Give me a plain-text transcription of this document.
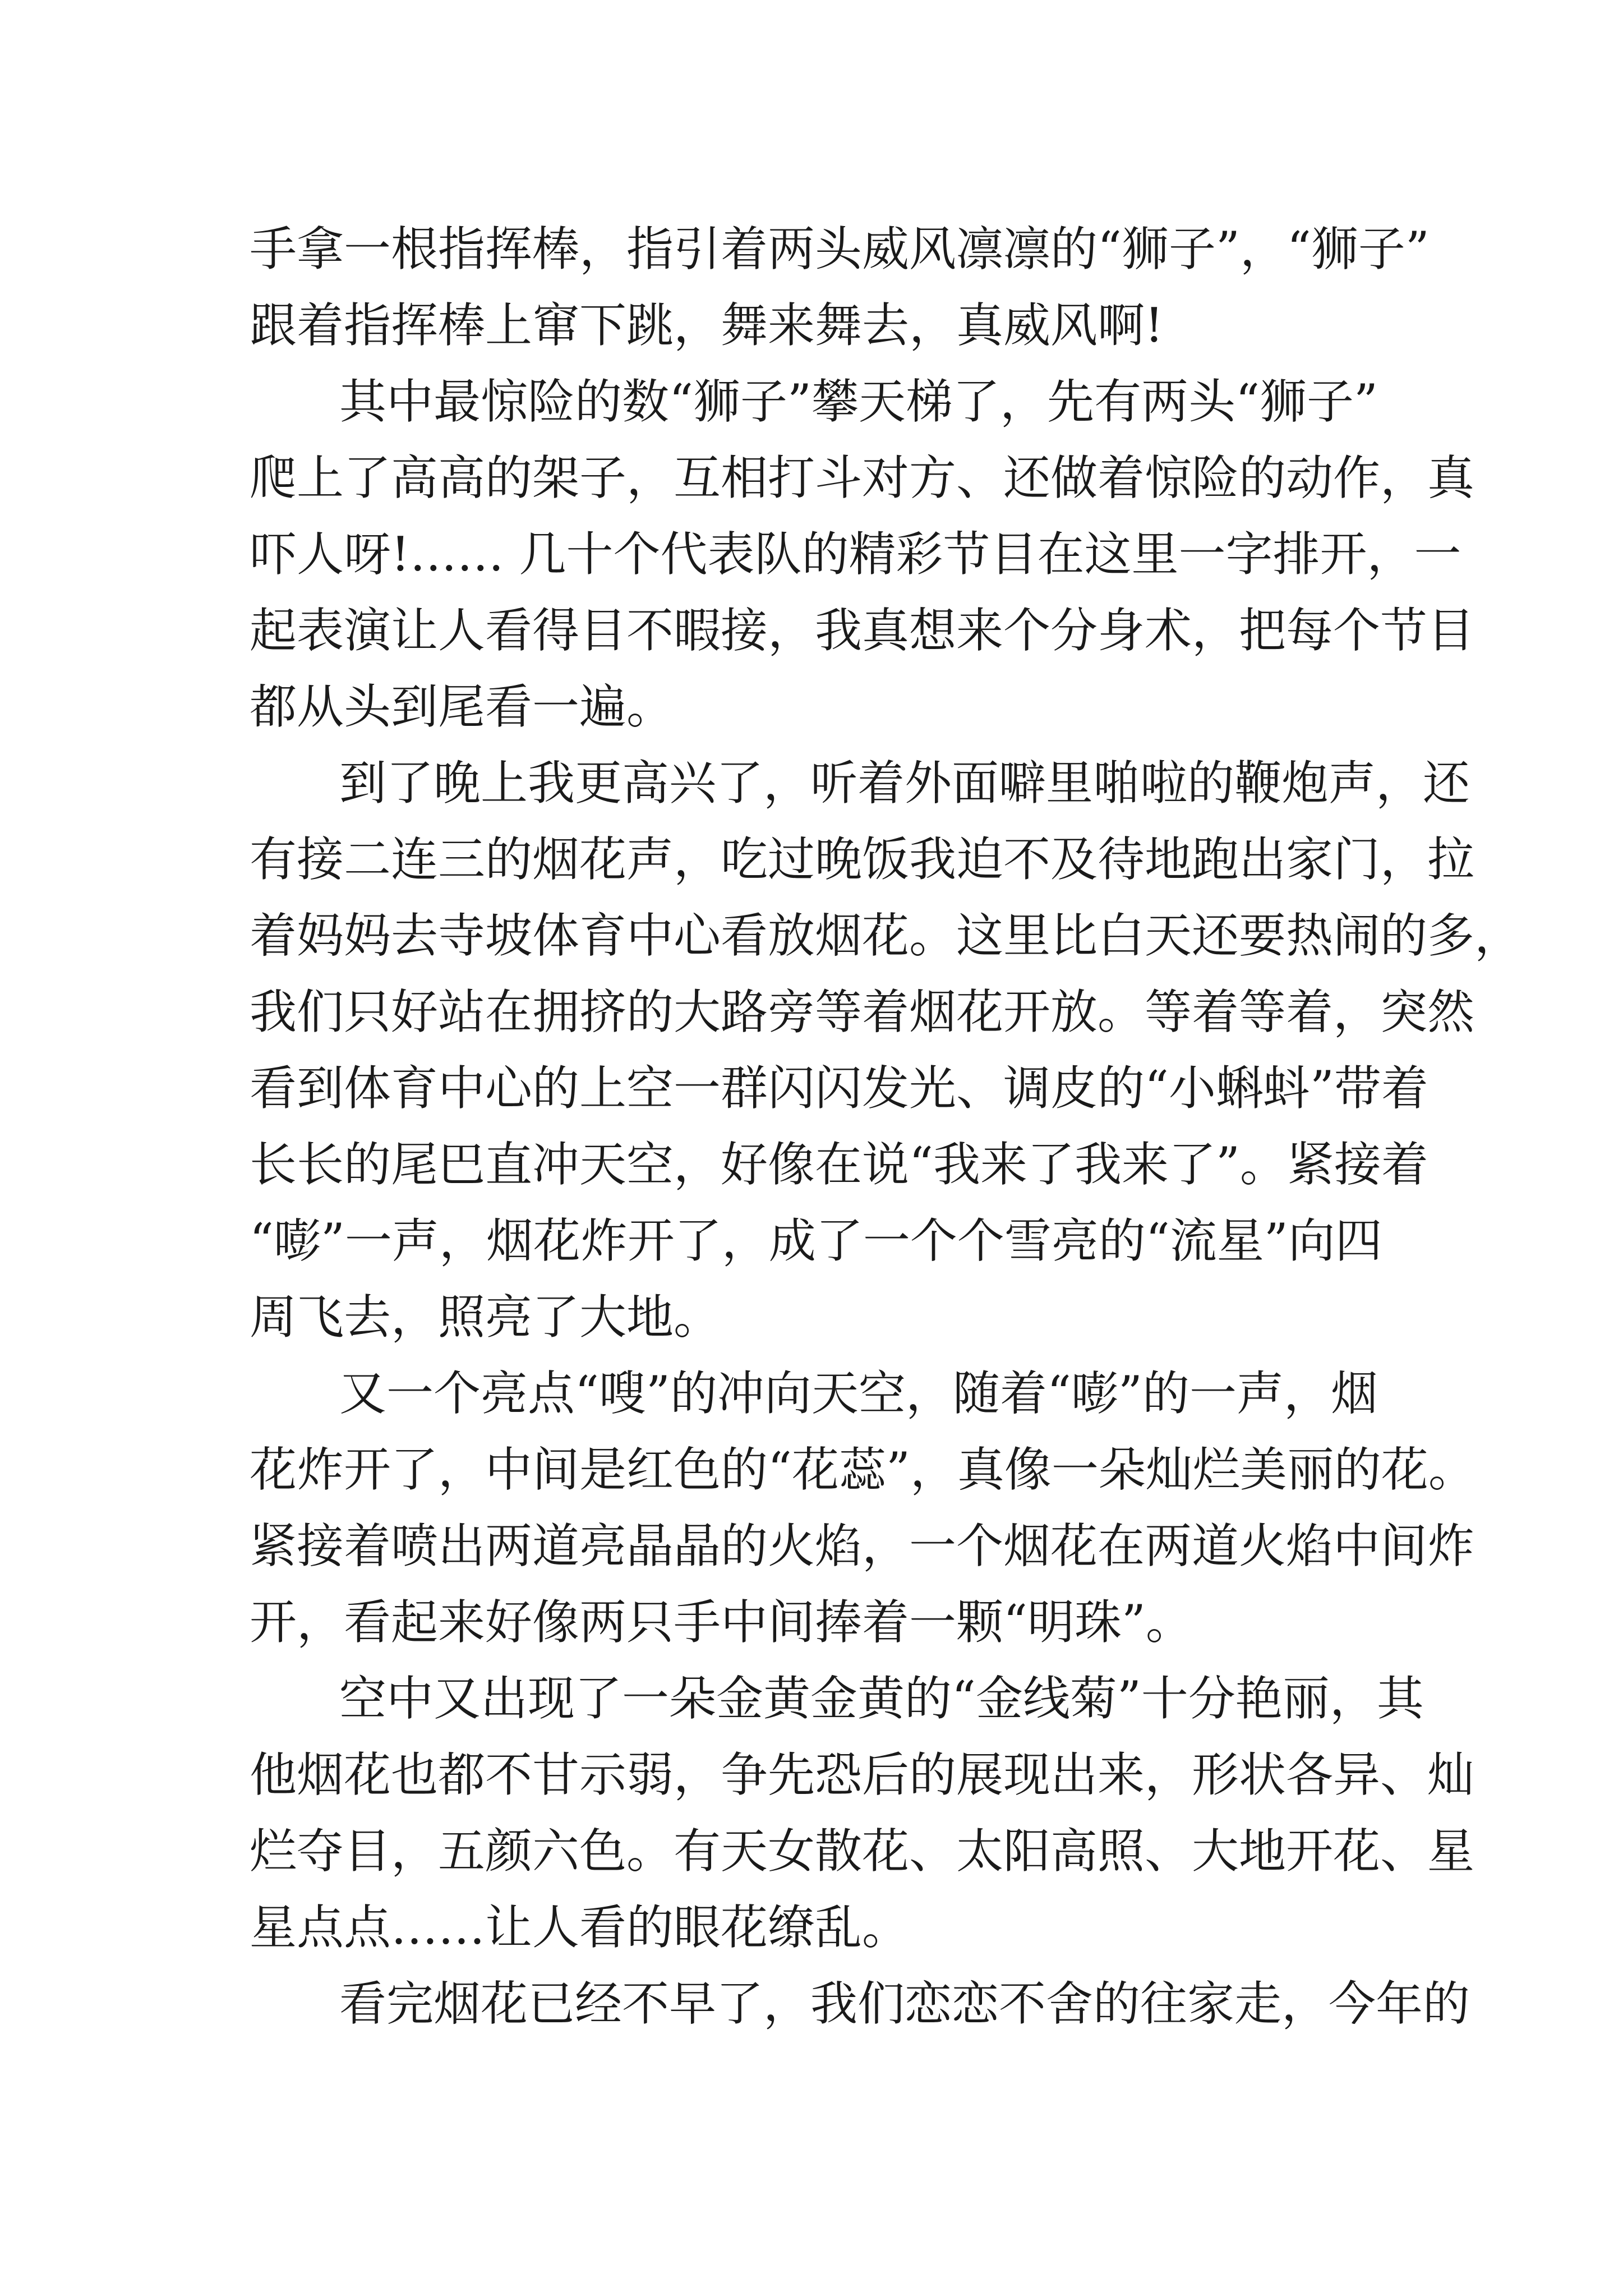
手拿一根指挥棒，指引着两头威风凛凛的“狮子”，“狮子”
跟着指挥棒上窜下跳，舞来舞去，真威风啊!
其中最惊险的数“狮子”攀天梯了，先有两头“狮子”
爬上了高高的架子，互相打斗对方、还做着惊险的动作，真
吓人呀!…… 几十个代表队的精彩节目在这里一字排开，一
起表演让人看得目不暇接，我真想来个分身术，把每个节目
都从头到尾看一遍。
到了晚上我更高兴了，听着外面噼里啪啦的鞭炮声，还
有接二连三的烟花声，吃过晚饭我迫不及待地跑出家门，拉
着妈妈去寺坡体育中心看放烟花。这里比白天还要热闹的多，
我们只好站在拥挤的大路旁等着烟花开放。等着等着，突然
看到体育中心的上空一群闪闪发光、调皮的“小蝌蚪”带着
长长的尾巴直冲天空，好像在说“我来了我来了”。紧接着
“嘭”一声，烟花炸开了，成了一个个雪亮的“流星”向四
周飞去，照亮了大地。
又一个亮点“嗖”的冲向天空，随着“嘭”的一声，烟
花炸开了，中间是红色的“花蕊”，真像一朵灿烂美丽的花。
紧接着喷出两道亮晶晶的火焰，一个烟花在两道火焰中间炸
开，看起来好像两只手中间捧着一颗“明珠”。
空中又出现了一朵金黄金黄的“金线菊”十分艳丽，其
他烟花也都不甘示弱，争先恐后的展现出来，形状各异、灿
烂夺目，五颜六色。有天女散花、太阳高照、大地开花、星
星点点……让人看的眼花缭乱。
看完烟花已经不早了，我们恋恋不舍的往家走，今年的
